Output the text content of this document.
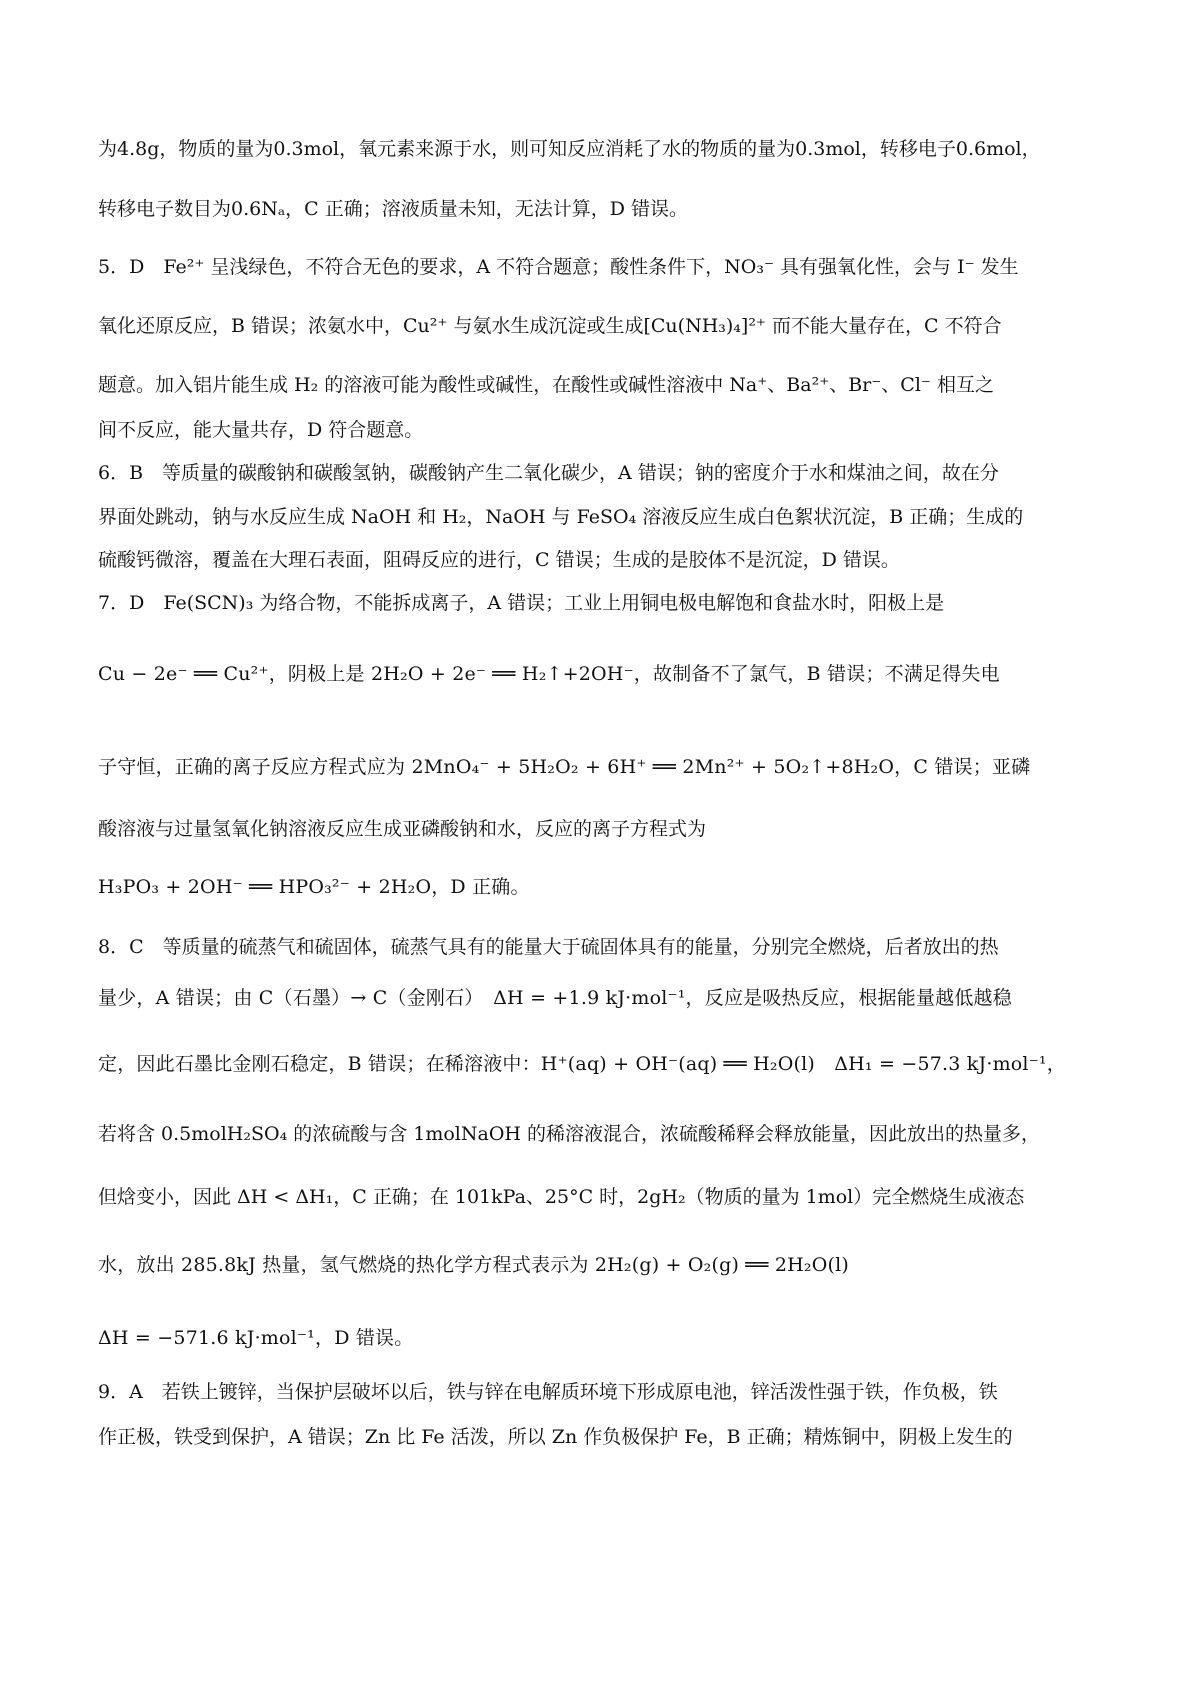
为4.8g，物质的量为0.3mol，氧元素来源于水，则可知反应消耗了水的物质的量为0.3mol，转移电子0.6mol，
转移电子数目为0.6Nₐ，C 正确；溶液质量未知，无法计算，D 错误。
5．D　Fe²⁺ 呈浅绿色，不符合无色的要求，A 不符合题意；酸性条件下，NO₃⁻ 具有强氧化性，会与 I⁻ 发生
氧化还原反应，B 错误；浓氨水中，Cu²⁺ 与氨水生成沉淀或生成[Cu(NH₃)₄]²⁺ 而不能大量存在，C 不符合
题意。加入铝片能生成 H₂ 的溶液可能为酸性或碱性，在酸性或碱性溶液中 Na⁺、Ba²⁺、Br⁻、Cl⁻ 相互之
间不反应，能大量共存，D 符合题意。
6．B　等质量的碳酸钠和碳酸氢钠，碳酸钠产生二氧化碳少，A 错误；钠的密度介于水和煤油之间，故在分
界面处跳动，钠与水反应生成 NaOH 和 H₂，NaOH 与 FeSO₄ 溶液反应生成白色絮状沉淀，B 正确；生成的
硫酸钙微溶，覆盖在大理石表面，阻碍反应的进行，C 错误；生成的是胶体不是沉淀，D 错误。
7．D　Fe(SCN)₃ 为络合物，不能拆成离子，A 错误；工业上用铜电极电解饱和食盐水时，阳极上是
Cu − 2e⁻ ══ Cu²⁺，阴极上是 2H₂O + 2e⁻ ══ H₂↑+2OH⁻，故制备不了氯气，B 错误；不满足得失电
子守恒，正确的离子反应方程式应为 2MnO₄⁻ + 5H₂O₂ + 6H⁺ ══ 2Mn²⁺ + 5O₂↑+8H₂O，C 错误；亚磷
酸溶液与过量氢氧化钠溶液反应生成亚磷酸钠和水，反应的离子方程式为
H₃PO₃ + 2OH⁻ ══ HPO₃²⁻ + 2H₂O，D 正确。
8．C　等质量的硫蒸气和硫固体，硫蒸气具有的能量大于硫固体具有的能量，分别完全燃烧，后者放出的热
量少，A 错误；由 C（石墨）→ C（金刚石）　ΔH = +1.9 kJ·mol⁻¹，反应是吸热反应，根据能量越低越稳
定，因此石墨比金刚石稳定，B 错误；在稀溶液中：H⁺(aq) + OH⁻(aq) ══ H₂O(l)　ΔH₁ = −57.3 kJ·mol⁻¹，
若将含 0.5molH₂SO₄ 的浓硫酸与含 1molNaOH 的稀溶液混合，浓硫酸稀释会释放能量，因此放出的热量多，
但焓变小，因此 ΔH < ΔH₁，C 正确；在 101kPa、25°C 时，2gH₂（物质的量为 1mol）完全燃烧生成液态
水，放出 285.8kJ 热量，氢气燃烧的热化学方程式表示为 2H₂(g) + O₂(g) ══ 2H₂O(l)
ΔH = −571.6 kJ·mol⁻¹，D 错误。
9．A　若铁上镀锌，当保护层破坏以后，铁与锌在电解质环境下形成原电池，锌活泼性强于铁，作负极，铁
作正极，铁受到保护，A 错误；Zn 比 Fe 活泼，所以 Zn 作负极保护 Fe，B 正确；精炼铜中，阴极上发生的
